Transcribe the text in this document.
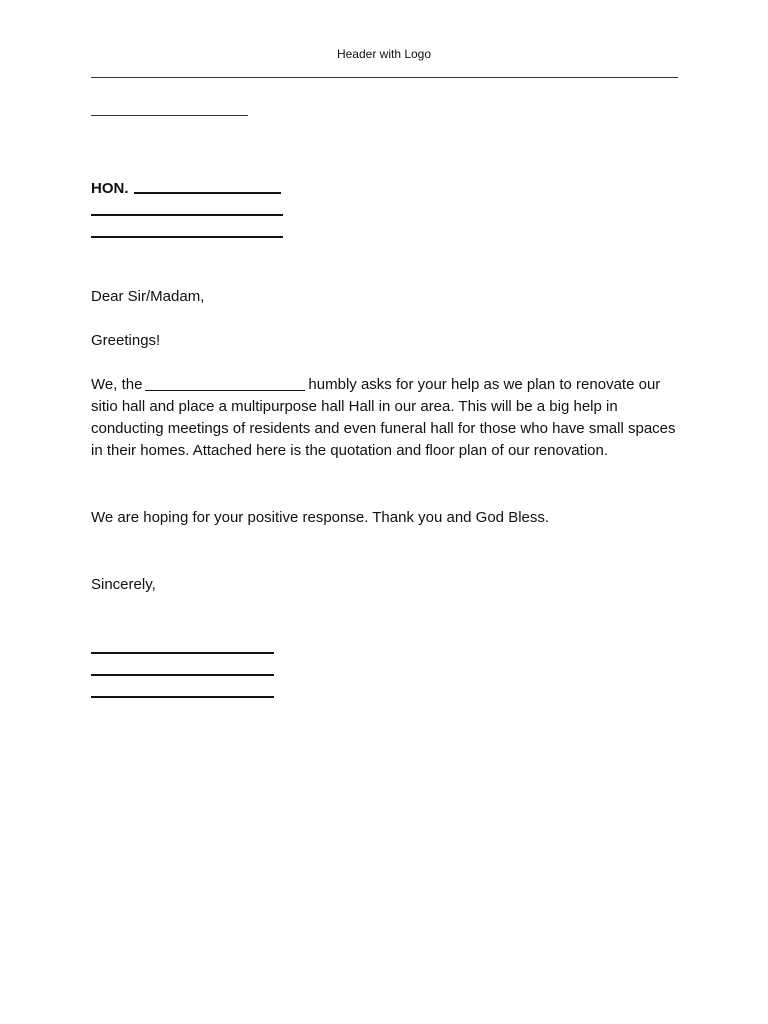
Header with Logo
HON.
Dear Sir/Madam,
Greetings!
We, the	humbly asks for your help as we plan to renovate our sitio hall and place a multipurpose hall Hall in our area. This will be a big help in conducting meetings of residents and even funeral hall for those who have small spaces in their homes. Attached here is the quotation and floor plan of our renovation.
We are hoping for your positive response. Thank you and God Bless.
Sincerely,
